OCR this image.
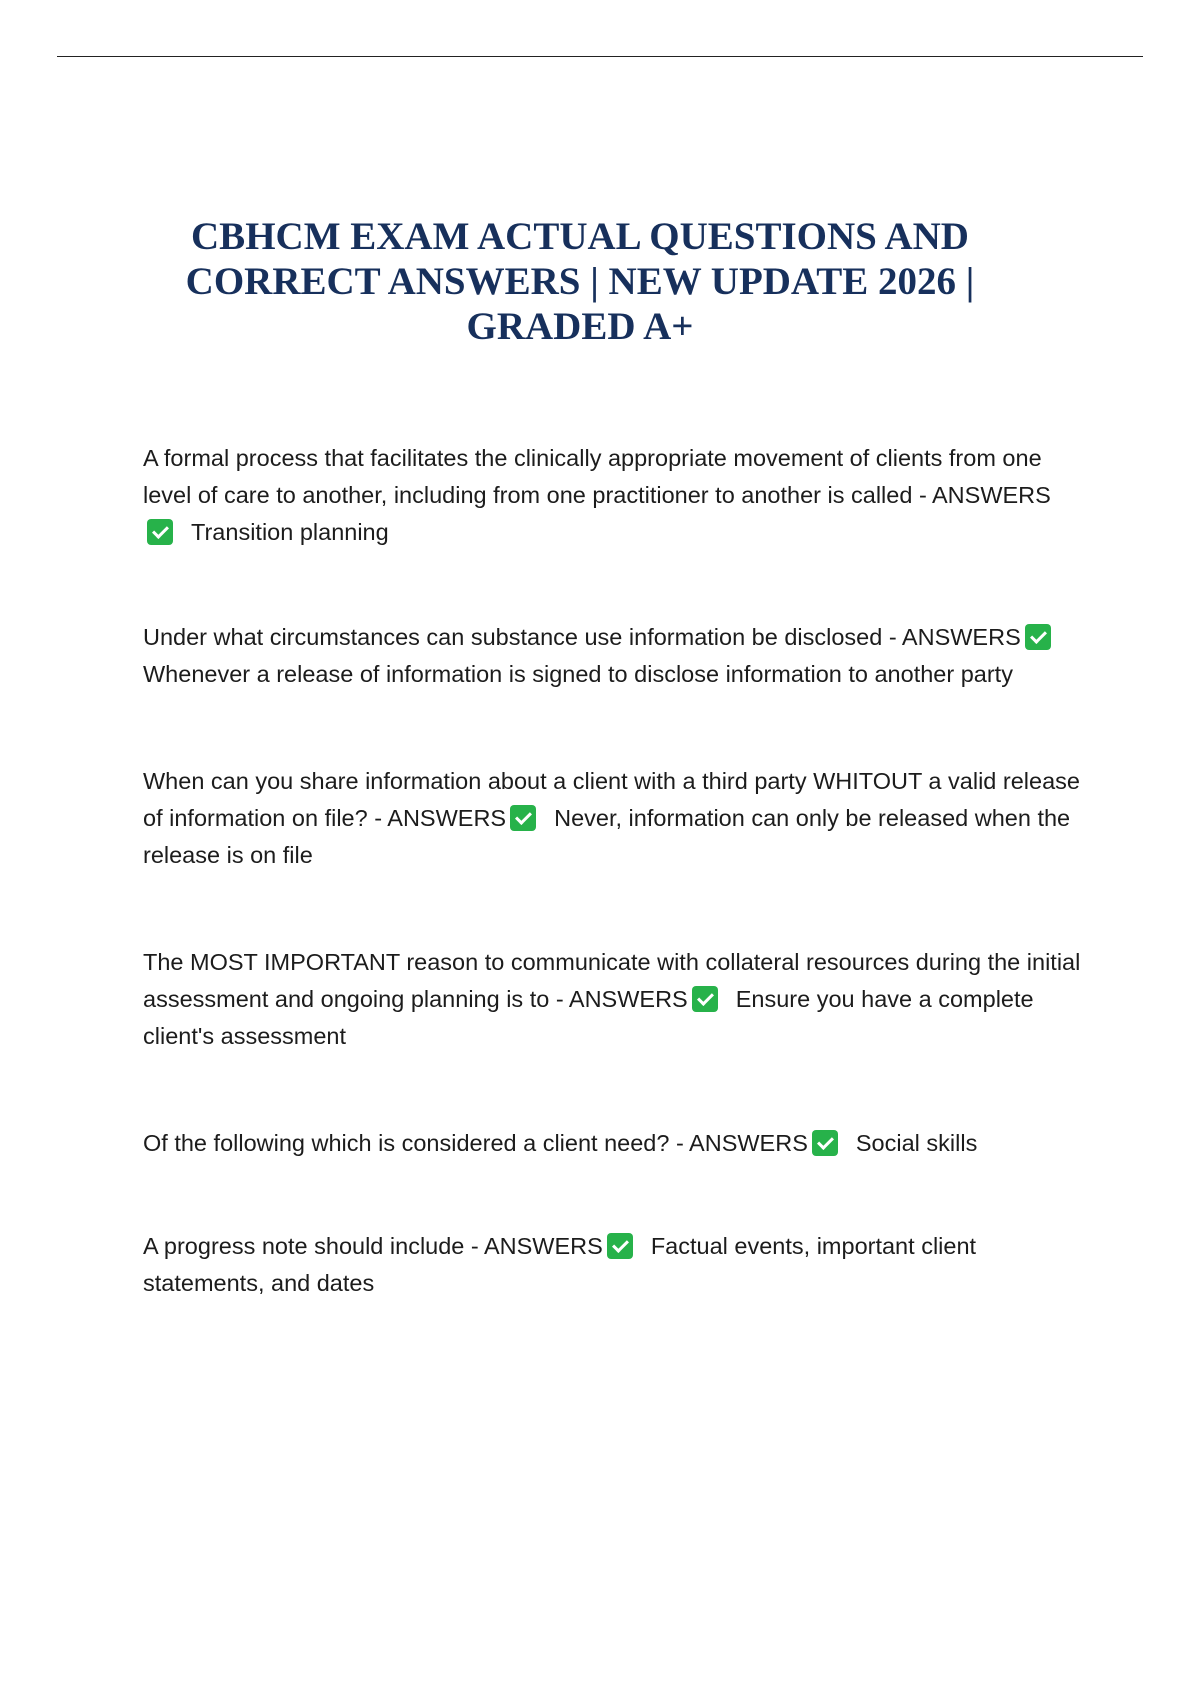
CBHCM EXAM ACTUAL QUESTIONS AND CORRECT ANSWERS | NEW UPDATE 2026 | GRADED A+

A formal process that facilitates the clinically appropriate movement of clients from one level of care to another, including from one practitioner to another is called - ANSWERSTransition planning

Under what circumstances can substance use information be disclosed - ANSWERSWhenever a release of information is signed to disclose information to another party

When can you share information about a client with a third party WHITOUT a valid release of information on file? - ANSWERS Never, information can only be released when the release is on file

The MOST IMPORTANT reason to communicate with collateral resources during the initial assessment and ongoing planning is to - ANSWERS Ensure you have a complete client's assessment

Of the following which is considered a client need? - ANSWERS Social skills

A progress note should include - ANSWERS Factual events, important client statements, and dates
